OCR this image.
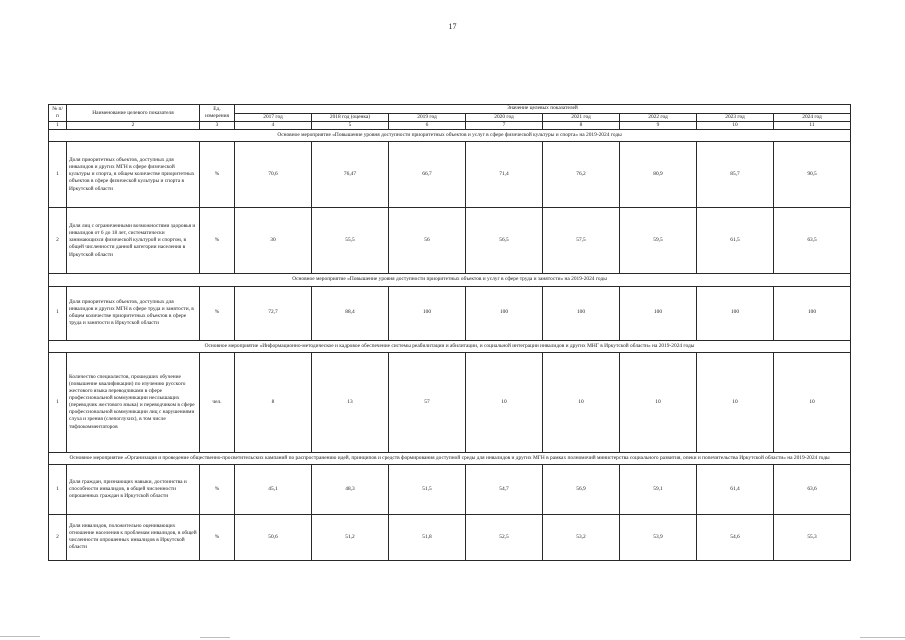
17
№ п/п	Наименование целевого показателя	Ед. измерения	Значение целевых показателей							
			2017 год	2018 год (оценка)	2019 год	2020 год	2021 год	2022 год	2023 год	2024 год
1	2	3	4	5	6	7	8	9	10	11
Основное мероприятие «Повышение уровня доступности приоритетных объектов и услуг в сфере физической культуры и спорта» на 2019-2024 годы										
1	Доля приоритетных объектов, доступных для инвалидов и других МГН в сфере физической культуры и спорта, в общем количестве приоритетных объектов в сфере физической культуры и спорта в Иркутской области	%	70,6	76,47	66,7	71,4	76,2	80,9	85,7	90,5
2	Доля лиц с ограниченными возможностями здоровья и инвалидов от 6 до 18 лет, систематически занимающихся физической культурой и спортом, в общей численности данной категории населения в Иркутской области	%	30	55,5	56	56,5	57,5	59,5	61,5	63,5
Основное мероприятие «Повышение уровня доступности приоритетных объектов и услуг в сфере труда и занятости» на 2019-2024 годы										
1	Доля приоритетных объектов, доступных для инвалидов и других МГН в сфере труда и занятости, в общем количестве приоритетных объектов в сфере труда и занятости в Иркутской области	%	72,7	88,4	100	100	100	100	100	100
Основное мероприятие «Информационно-методическое и кадровое обеспечение системы реабилитации и абилитации, и социальной интеграции инвалидов и других МНГ в Иркутской области» на 2019-2024 годы										
1	Количество специалистов, прошедших обучение (повышение квалификации) по изучению русского жестового языка переводчиками в сфере профессиональной коммуникации неслышащих (переводчик жестового языка) и переводчиком в сфере профессиональной коммуникации лиц с нарушениями слуха и зрения (слепоглухих), в том числе тифлокомментаторов	чел.	8	13	57	10	10	10	10	10
Основное мероприятие «Организация и проведение общественно-просветительских кампаний по распространению идей, принципов и средств формирования доступной среды для инвалидов и других МГН в рамках полномочий министерства социального развития, опеки и попечительства Иркутской области» на 2019-2024 годы										
1	Доля граждан, признающих навыки, достоинства и способности инвалидов, в общей численности опрошенных граждан в Иркутской области	%	45,1	48,3	51,5	54,7	56,9	59,1	61,4	63,6
2	Доля инвалидов, положительно оценивающих отношение населения к проблемам инвалидов, в общей численности опрошенных инвалидов в Иркутской области	%	50,6	51,2	51,8	52,5	53,2	53,9	54,6	55,3
